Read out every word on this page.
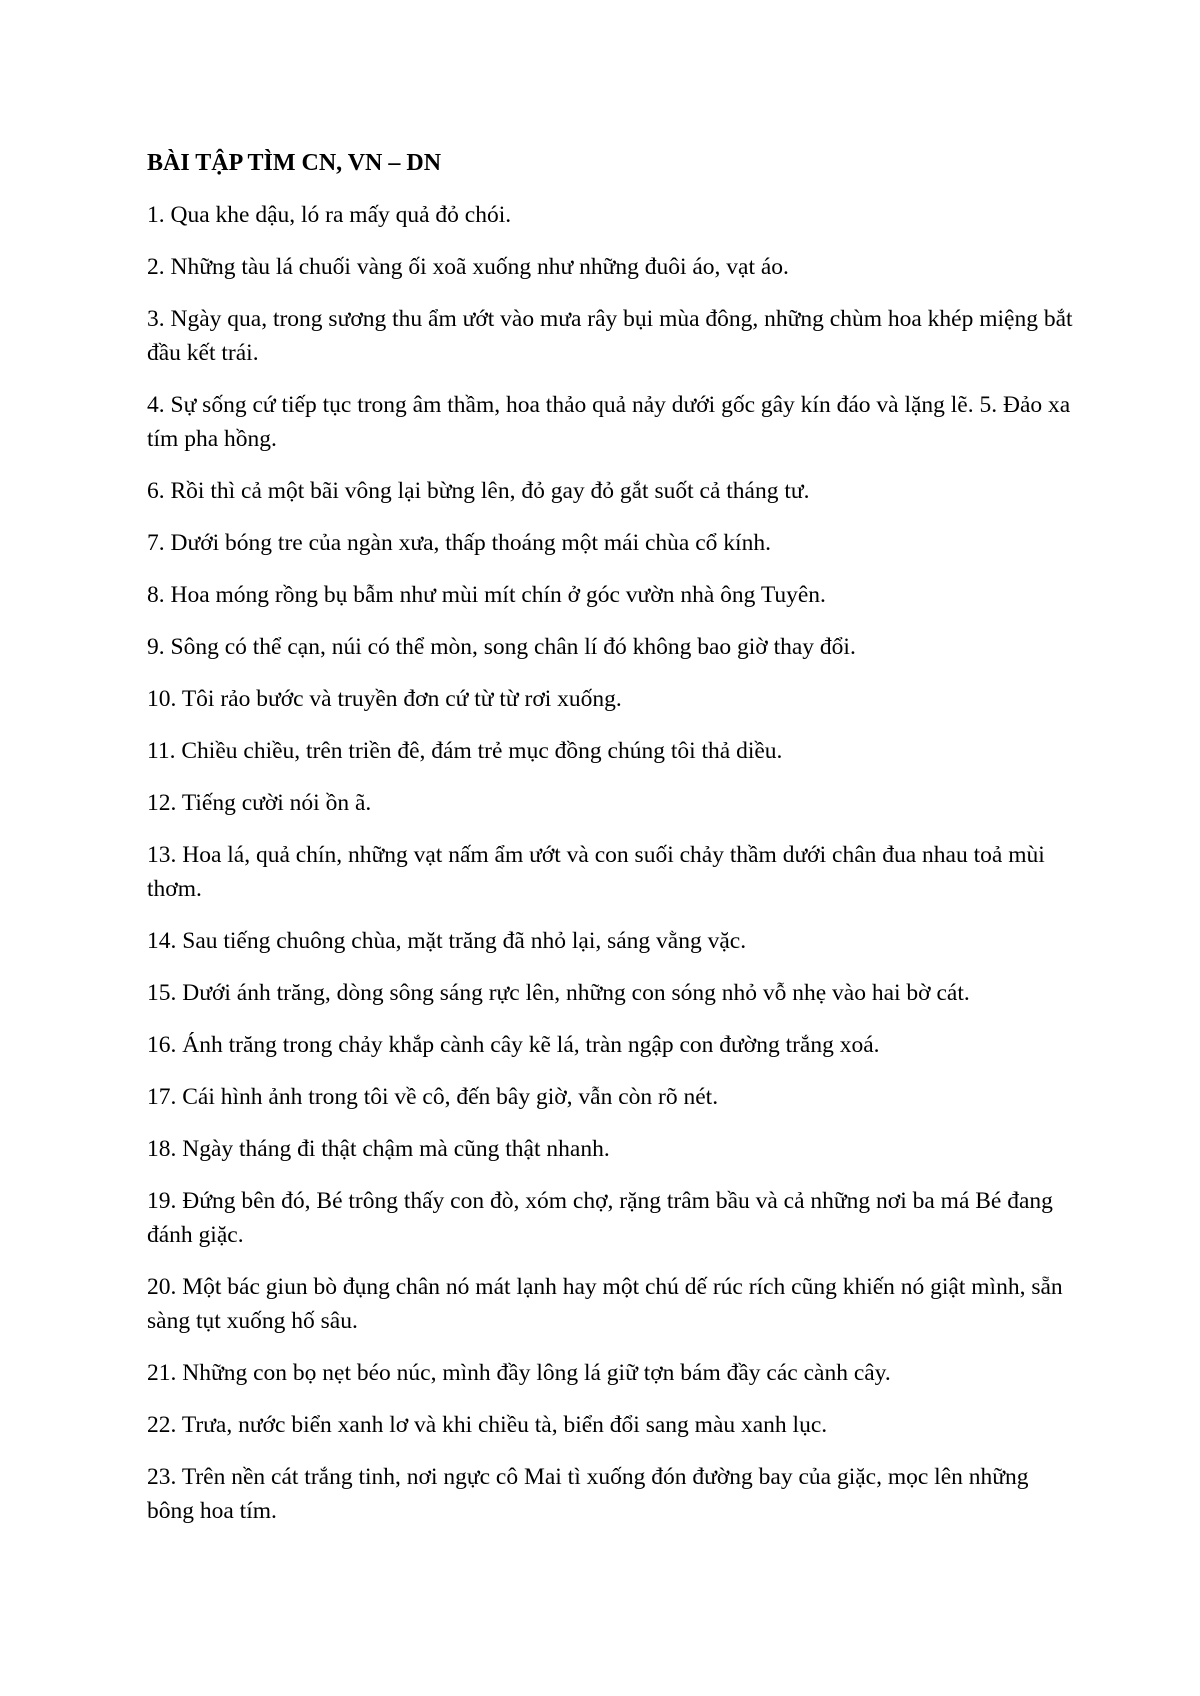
BÀI TẬP TÌM CN, VN – DN
1. Qua khe dậu, ló ra mấy quả đỏ chói.
2. Những tàu lá chuối vàng ối xoã xuống như những đuôi áo, vạt áo.
3. Ngày qua, trong sương thu ẩm ướt vào mưa rây bụi mùa đông, những chùm hoa khép miệng bắt đầu kết trái.
4. Sự sống cứ tiếp tục trong âm thầm, hoa thảo quả nảy dưới gốc gây kín đáo và lặng lẽ. 5. Đảo xa tím pha hồng.
6. Rồi thì cả một bãi vông lại bừng lên, đỏ gay đỏ gắt suốt cả tháng tư.
7. Dưới bóng tre của ngàn xưa, thấp thoáng một mái chùa cổ kính.
8. Hoa móng rồng bụ bẫm như mùi mít chín ở góc vườn nhà ông Tuyên.
9. Sông có thể cạn, núi có thể mòn, song chân lí đó không bao giờ thay đổi.
10. Tôi rảo bước và truyền đơn cứ từ từ rơi xuống.
11. Chiều chiều, trên triền đê, đám trẻ mục đồng chúng tôi thả diều.
12. Tiếng cười nói ồn ã.
13. Hoa lá, quả chín, những vạt nấm ẩm ướt và con suối chảy thầm dưới chân đua nhau toả mùi thơm.
14. Sau tiếng chuông chùa, mặt trăng đã nhỏ lại, sáng vằng vặc.
15. Dưới ánh trăng, dòng sông sáng rực lên, những con sóng nhỏ vỗ nhẹ vào hai bờ cát.
16. Ánh trăng trong chảy khắp cành cây kẽ lá, tràn ngập con đường trắng xoá.
17. Cái hình ảnh trong tôi về cô, đến bây giờ, vẫn còn rõ nét.
18. Ngày tháng đi thật chậm mà cũng thật nhanh.
19. Đứng bên đó, Bé trông thấy con đò, xóm chợ, rặng trâm bầu và cả những nơi ba má Bé đang đánh giặc.
20. Một bác giun bò đụng chân nó mát lạnh hay một chú dế rúc rích cũng khiến nó giật mình, sẵn sàng tụt xuống hố sâu.
21. Những con bọ nẹt béo núc, mình đầy lông lá giữ tợn bám đầy các cành cây.
22. Trưa, nước biển xanh lơ và khi chiều tà, biển đổi sang màu xanh lục.
23. Trên nền cát trắng tinh, nơi ngực cô Mai tì xuống đón đường bay của giặc, mọc lên những bông hoa tím.
